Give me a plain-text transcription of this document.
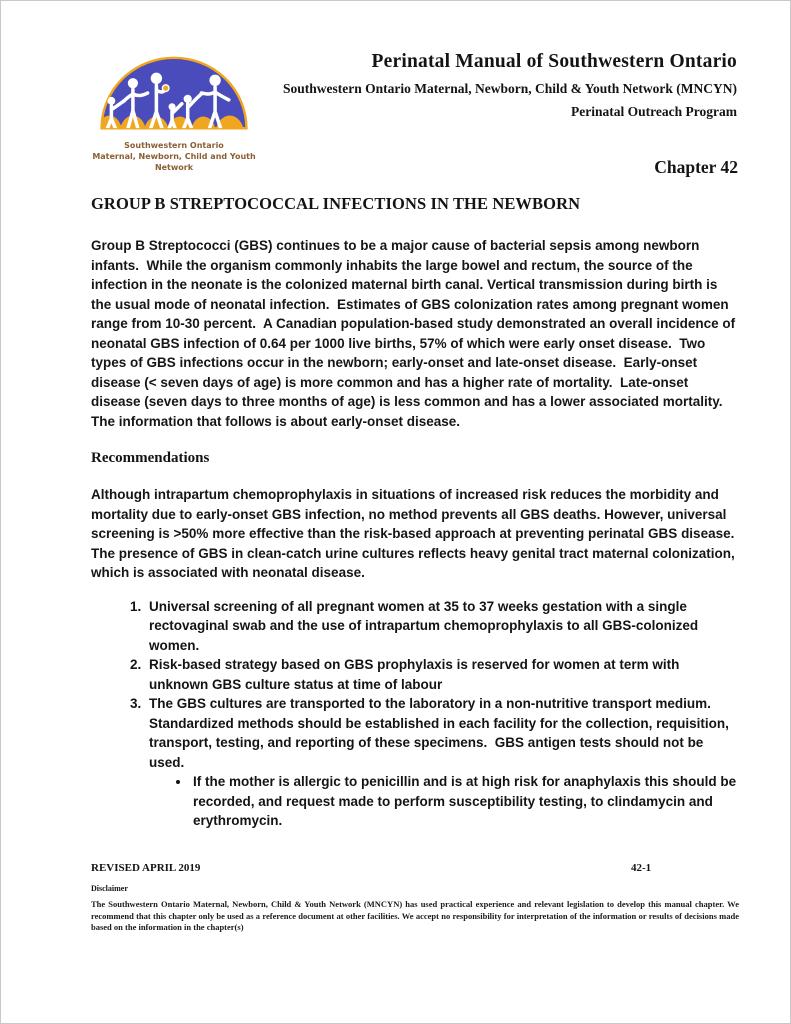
Southwestern Ontario
Maternal, Newborn, Child and Youth Network
Perinatal Manual of Southwestern Ontario
Southwestern Ontario Maternal, Newborn, Child & Youth Network (MNCYN)
Perinatal Outreach Program
Chapter 42
GROUP B STREPTOCOCCAL INFECTIONS IN THE NEWBORN

Group B Streptococci (GBS) continues to be a major cause of bacterial sepsis among newborn infants.  While the organism commonly inhabits the large bowel and rectum, the source of the infection in the neonate is the colonized maternal birth canal. Vertical transmission during birth is the usual mode of neonatal infection.  Estimates of GBS colonization rates among pregnant women range from 10-30 percent.  A Canadian population-based study demonstrated an overall incidence of neonatal GBS infection of 0.64 per 1000 live births, 57% of which were early onset disease.  Two types of GBS infections occur in the newborn; early-onset and late-onset disease.  Early-onset disease (< seven days of age) is more common and has a higher rate of mortality.  Late-onset disease (seven days to three months of age) is less common and has a lower associated mortality.  The information that follows is about early-onset disease.

Recommendations

Although intrapartum chemoprophylaxis in situations of increased risk reduces the morbidity and mortality due to early-onset GBS infection, no method prevents all GBS deaths. However, universal screening is >50% more effective than the risk-based approach at preventing perinatal GBS disease.   The presence of GBS in clean-catch urine cultures reflects heavy genital tract maternal colonization, which is associated with neonatal disease.

1. Universal screening of all pregnant women at 35 to 37 weeks gestation with a single rectovaginal swab and the use of intrapartum chemoprophylaxis to all GBS-colonized women.
2. Risk-based strategy based on GBS prophylaxis is reserved for women at term with unknown GBS culture status at time of labour
3. The GBS cultures are transported to the laboratory in a non-nutritive transport medium.  Standardized methods should be established in each facility for the collection, requisition, transport, testing, and reporting of these specimens.  GBS antigen tests should not be used.
• If the mother is allergic to penicillin and is at high risk for anaphylaxis this should be recorded, and request made to perform susceptibility testing, to clindamycin and erythromycin.
REVISED APRIL 2019	42-1
Disclaimer
The Southwestern Ontario Maternal, Newborn, Child & Youth Network (MNCYN) has used practical experience and relevant legislation to develop this manual chapter. We recommend that this chapter only be used as a reference document at other facilities. We accept no responsibility for interpretation of the information or results of decisions made based on the information in the chapter(s)
